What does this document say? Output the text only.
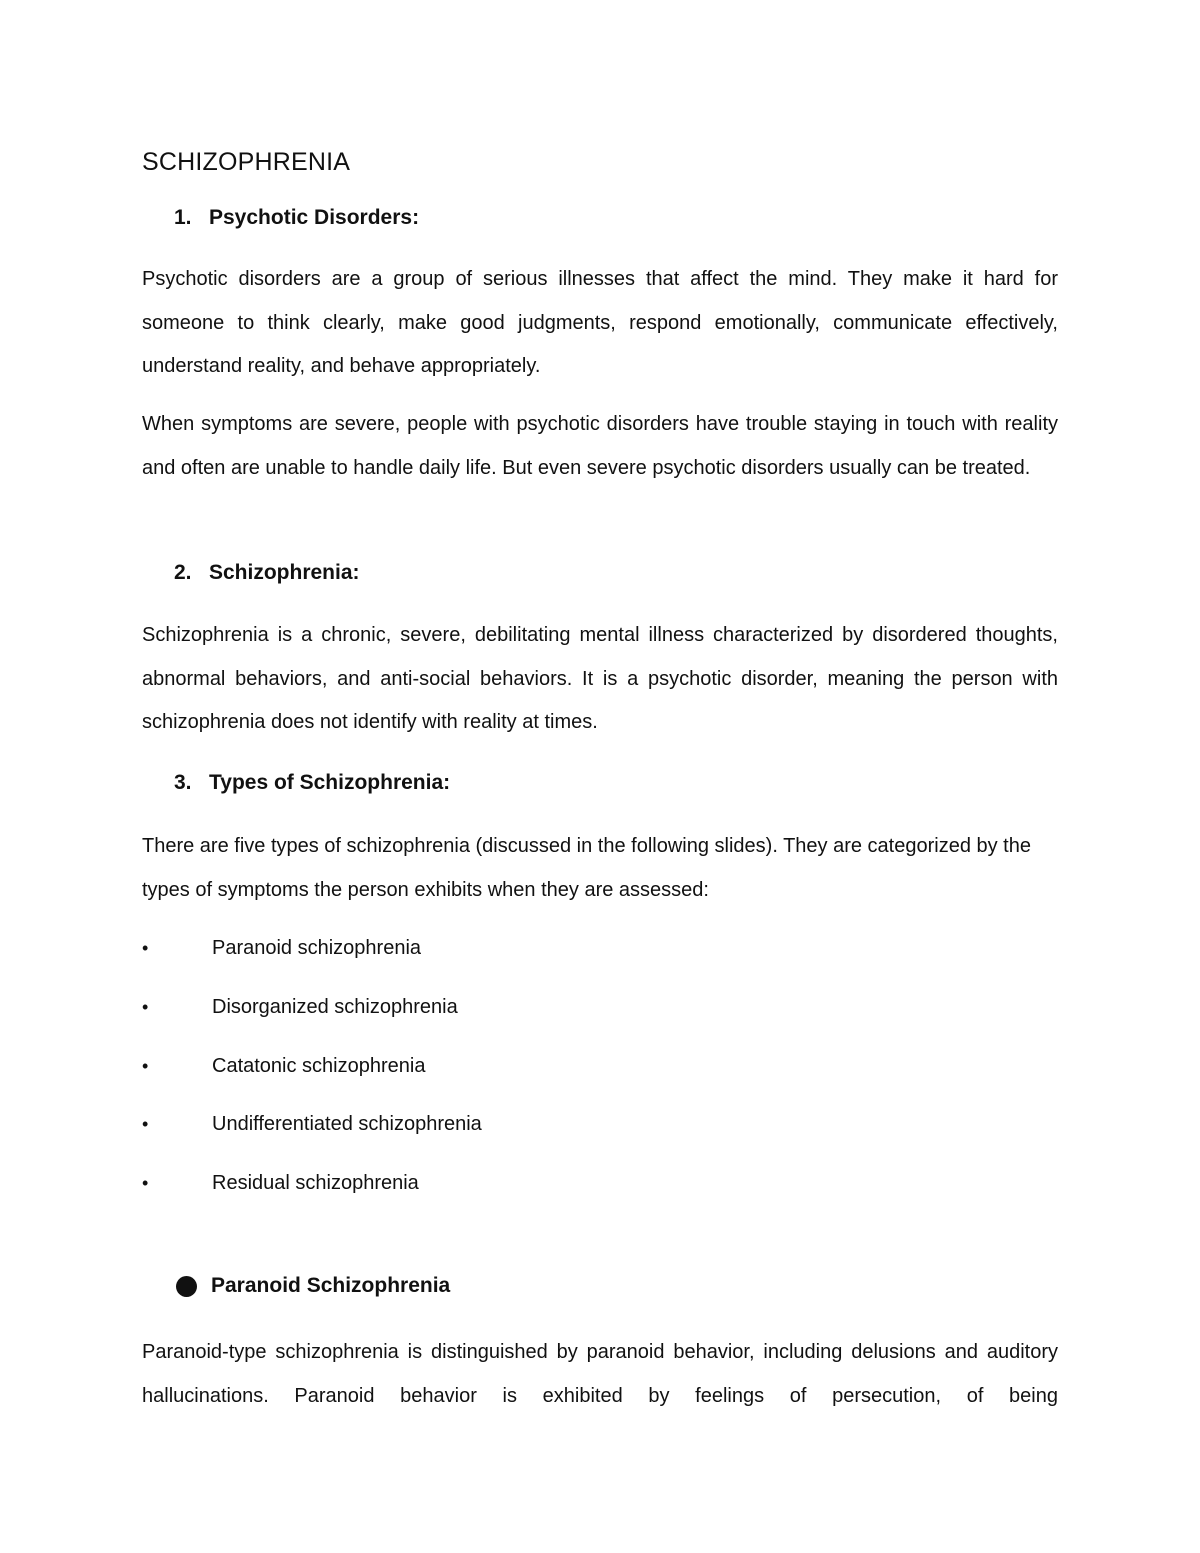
SCHIZOPHRENIA
1. Psychotic Disorders:

Psychotic disorders are a group of serious illnesses that affect the mind. They make it hard for someone to think clearly, make good judgments, respond emotionally, communicate effectively, understand reality, and behave appropriately.

When symptoms are severe, people with psychotic disorders have trouble staying in touch with reality and often are unable to handle daily life. But even severe psychotic disorders usually can be treated.

2. Schizophrenia:

Schizophrenia is a chronic, severe, debilitating mental illness characterized by disordered thoughts, abnormal behaviors, and anti-social behaviors. It is a psychotic disorder, meaning the person with schizophrenia does not identify with reality at times.

3. Types of Schizophrenia:

There are five types of schizophrenia (discussed in the following slides). They are categorized by the types of symptoms the person exhibits when they are assessed:

•	Paranoid schizophrenia
•	Disorganized schizophrenia
•	Catatonic schizophrenia
•	Undifferentiated schizophrenia
•	Residual schizophrenia
Paranoid Schizophrenia

Paranoid-type schizophrenia is distinguished by paranoid behavior, including delusions and auditory hallucinations. Paranoid behavior is exhibited by feelings of persecution, of being
